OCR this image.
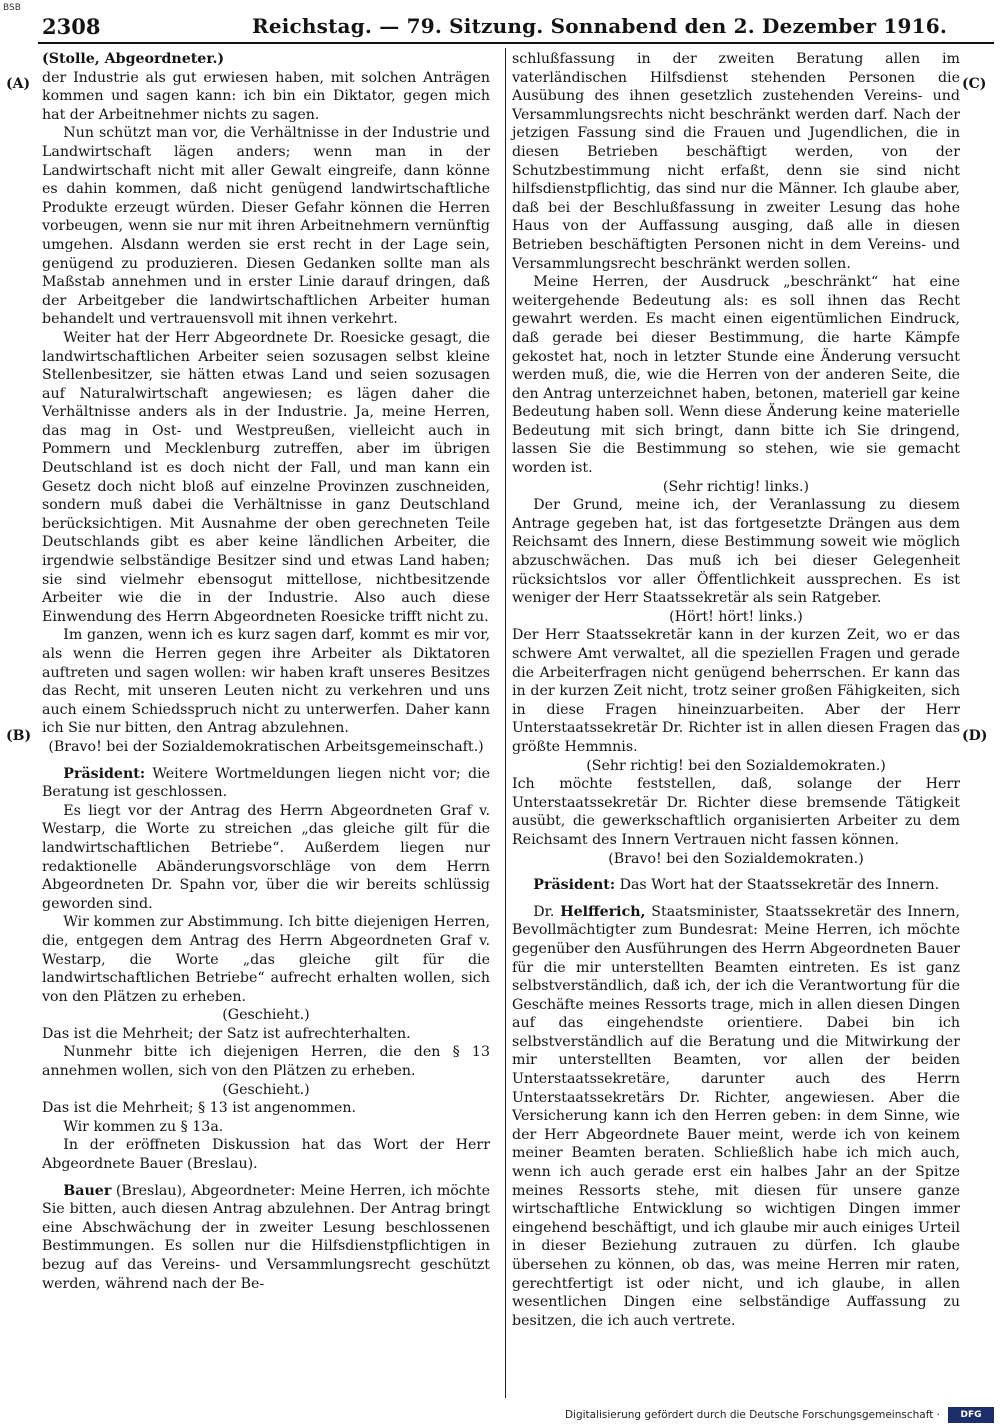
BSB
2308	Reichstag. — 79. Sitzung. Sonnabend den 2. Dezember 1916.
(A)
(B)
(C)
(D)

(Stolle, Abgeordneter.)

der Industrie als gut erwiesen haben, mit solchen Anträgen kommen und sagen kann: ich bin ein Diktator, gegen mich hat der Arbeitnehmer nichts zu sagen.

Nun schützt man vor, die Verhältnisse in der Industrie und Landwirtschaft lägen anders; wenn man in der Landwirtschaft nicht mit aller Gewalt eingreife, dann könne es dahin kommen, daß nicht genügend landwirtschaftliche Produkte erzeugt würden. Dieser Gefahr können die Herren vorbeugen, wenn sie nur mit ihren Arbeitnehmern vernünftig umgehen. Alsdann werden sie erst recht in der Lage sein, genügend zu produzieren. Diesen Gedanken sollte man als Maßstab annehmen und in erster Linie darauf dringen, daß der Arbeitgeber die landwirtschaftlichen Arbeiter human behandelt und vertrauensvoll mit ihnen verkehrt.

Weiter hat der Herr Abgeordnete Dr. Roesicke gesagt, die landwirtschaftlichen Arbeiter seien sozusagen selbst kleine Stellenbesitzer, sie hätten etwas Land und seien sozusagen auf Naturalwirtschaft angewiesen; es lägen daher die Verhältnisse anders als in der Industrie. Ja, meine Herren, das mag in Ost- und Westpreußen, vielleicht auch in Pommern und Mecklenburg zutreffen, aber im übrigen Deutschland ist es doch nicht der Fall, und man kann ein Gesetz doch nicht bloß auf einzelne Provinzen zuschneiden, sondern muß dabei die Verhältnisse in ganz Deutschland berücksichtigen. Mit Ausnahme der oben gerechneten Teile Deutschlands gibt es aber keine ländlichen Arbeiter, die irgendwie selbständige Besitzer sind und etwas Land haben; sie sind vielmehr ebensogut mittellose, nichtbesitzende Arbeiter wie die in der Industrie. Also auch diese Einwendung des Herrn Abgeordneten Roesicke trifft nicht zu.

Im ganzen, wenn ich es kurz sagen darf, kommt es mir vor, als wenn die Herren gegen ihre Arbeiter als Diktatoren auftreten und sagen wollen: wir haben kraft unseres Besitzes das Recht, mit unseren Leuten nicht zu verkehren und uns auch einem Schiedsspruch nicht zu unterwerfen. Daher kann ich Sie nur bitten, den Antrag abzulehnen.

(Bravo! bei der Sozialdemokratischen Arbeitsgemeinschaft.)

Präsident: Weitere Wortmeldungen liegen nicht vor; die Beratung ist geschlossen.

Es liegt vor der Antrag des Herrn Abgeordneten Graf v. Westarp, die Worte zu streichen „das gleiche gilt für die landwirtschaftlichen Betriebe“. Außerdem liegen nur redaktionelle Abänderungsvorschläge von dem Herrn Abgeordneten Dr. Spahn vor, über die wir bereits schlüssig geworden sind.

Wir kommen zur Abstimmung. Ich bitte diejenigen Herren, die, entgegen dem Antrag des Herrn Abgeordneten Graf v. Westarp, die Worte „das gleiche gilt für die landwirtschaftlichen Betriebe“ aufrecht erhalten wollen, sich von den Plätzen zu erheben.

(Geschieht.)

Das ist die Mehrheit; der Satz ist aufrechterhalten.

Nunmehr bitte ich diejenigen Herren, die den § 13 annehmen wollen, sich von den Plätzen zu erheben.

(Geschieht.)

Das ist die Mehrheit; § 13 ist angenommen.

Wir kommen zu § 13a.

In der eröffneten Diskussion hat das Wort der Herr Abgeordnete Bauer (Breslau).

Bauer (Breslau), Abgeordneter: Meine Herren, ich möchte Sie bitten, auch diesen Antrag abzulehnen. Der Antrag bringt eine Abschwächung der in zweiter Lesung beschlossenen Bestimmungen. Es sollen nur die Hilfsdienstpflichtigen in bezug auf das Vereins- und Versammlungsrecht geschützt werden, während nach der Be-

schlußfassung in der zweiten Beratung allen im vaterländischen Hilfsdienst stehenden Personen die Ausübung des ihnen gesetzlich zustehenden Vereins- und Versammlungsrechts nicht beschränkt werden darf. Nach der jetzigen Fassung sind die Frauen und Jugendlichen, die in diesen Betrieben beschäftigt werden, von der Schutzbestimmung nicht erfaßt, denn sie sind nicht hilfsdienstpflichtig, das sind nur die Männer. Ich glaube aber, daß bei der Beschlußfassung in zweiter Lesung das hohe Haus von der Auffassung ausging, daß alle in diesen Betrieben beschäftigten Personen nicht in dem Vereins- und Versammlungsrecht beschränkt werden sollen.

Meine Herren, der Ausdruck „beschränkt“ hat eine weitergehende Bedeutung als: es soll ihnen das Recht gewahrt werden. Es macht einen eigentümlichen Eindruck, daß gerade bei dieser Bestimmung, die harte Kämpfe gekostet hat, noch in letzter Stunde eine Änderung versucht werden muß, die, wie die Herren von der anderen Seite, die den Antrag unterzeichnet haben, betonen, materiell gar keine Bedeutung haben soll. Wenn diese Änderung keine materielle Bedeutung mit sich bringt, dann bitte ich Sie dringend, lassen Sie die Bestimmung so stehen, wie sie gemacht worden ist.

(Sehr richtig! links.)

Der Grund, meine ich, der Veranlassung zu diesem Antrage gegeben hat, ist das fortgesetzte Drängen aus dem Reichsamt des Innern, diese Bestimmung soweit wie möglich abzuschwächen. Das muß ich bei dieser Gelegenheit rücksichtslos vor aller Öffentlichkeit aussprechen. Es ist weniger der Herr Staatssekretär als sein Ratgeber.

(Hört! hört! links.)

Der Herr Staatssekretär kann in der kurzen Zeit, wo er das schwere Amt verwaltet, all die speziellen Fragen und gerade die Arbeiterfragen nicht genügend beherrschen. Er kann das in der kurzen Zeit nicht, trotz seiner großen Fähigkeiten, sich in diese Fragen hineinzuarbeiten. Aber der Herr Unterstaatssekretär Dr. Richter ist in allen diesen Fragen das größte Hemmnis.

(Sehr richtig! bei den Sozialdemokraten.)

Ich möchte feststellen, daß, solange der Herr Unterstaatssekretär Dr. Richter diese bremsende Tätigkeit ausübt, die gewerkschaftlich organisierten Arbeiter zu dem Reichsamt des Innern Vertrauen nicht fassen können.

(Bravo! bei den Sozialdemokraten.)

Präsident: Das Wort hat der Staatssekretär des Innern.

Dr. Helfferich, Staatsminister, Staatssekretär des Innern, Bevollmächtigter zum Bundesrat: Meine Herren, ich möchte gegenüber den Ausführungen des Herrn Abgeordneten Bauer für die mir unterstellten Beamten eintreten. Es ist ganz selbstverständlich, daß ich, der ich die Verantwortung für die Geschäfte meines Ressorts trage, mich in allen diesen Dingen auf das eingehendste orientiere. Dabei bin ich selbstverständlich auf die Beratung und die Mitwirkung der mir unterstellten Beamten, vor allen der beiden Unterstaatssekretäre, darunter auch des Herrn Unterstaatssekretärs Dr. Richter, angewiesen. Aber die Versicherung kann ich den Herren geben: in dem Sinne, wie der Herr Abgeordnete Bauer meint, werde ich von keinem meiner Beamten beraten. Schließlich habe ich mich auch, wenn ich auch gerade erst ein halbes Jahr an der Spitze meines Ressorts stehe, mit diesen für unsere ganze wirtschaftliche Entwicklung so wichtigen Dingen immer eingehend beschäftigt, und ich glaube mir auch einiges Urteil in dieser Beziehung zutrauen zu dürfen. Ich glaube übersehen zu können, ob das, was meine Herren mir raten, gerechtfertigt ist oder nicht, und ich glaube, in allen wesentlichen Dingen eine selbständige Auffassung zu besitzen, die ich auch vertrete.

Digitalisierung gefördert durch die Deutsche Forschungsgemeinschaft ·	DFG
